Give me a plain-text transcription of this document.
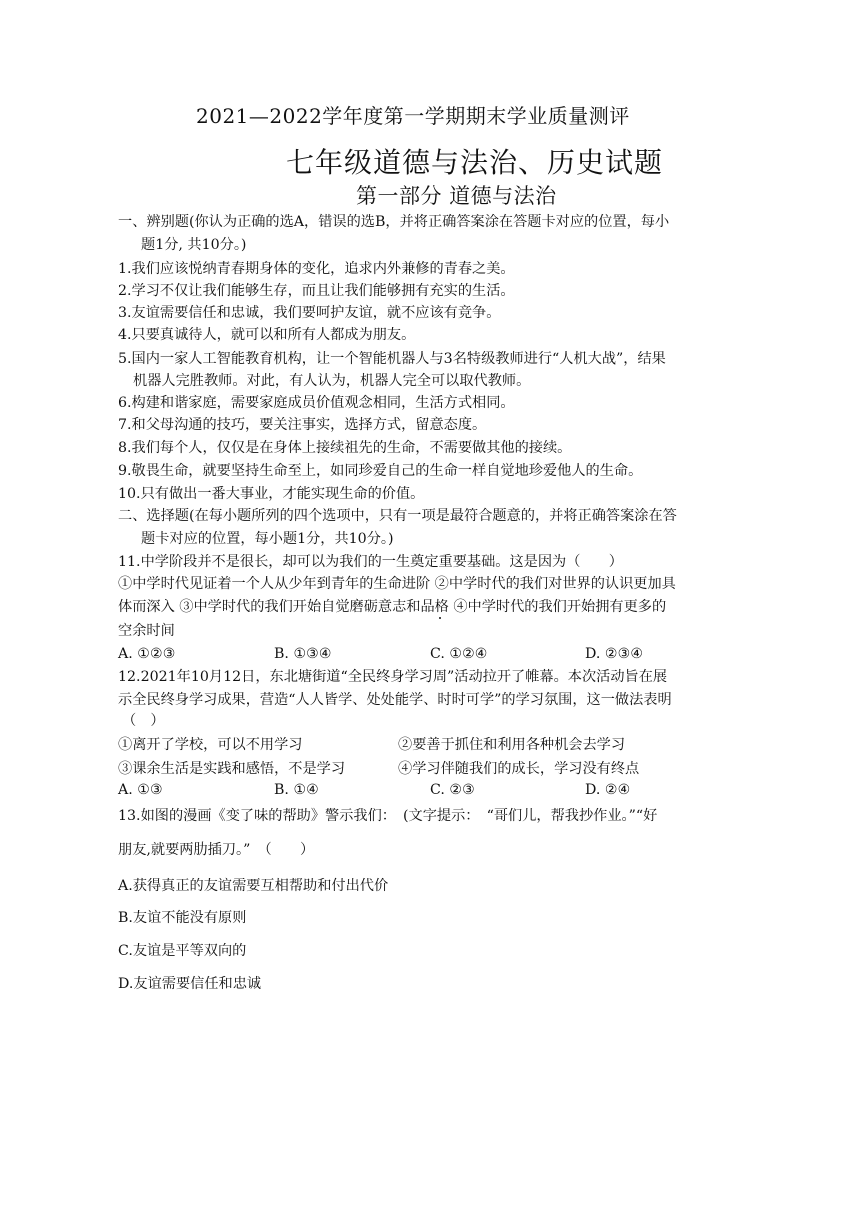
2021—2022学年度第一学期期末学业质量测评
七年级道德与法治、历史试题
第一部分 道德与法治
一、辨别题(你认为正确的选A，错误的选B，并将正确答案涂在答题卡对应的位置，每小
题1分, 共10分。)
1.我们应该悦纳青春期身体的变化，追求内外兼修的青春之美。
2.学习不仅让我们能够生存，而且让我们能够拥有充实的生活。
3.友谊需要信任和忠诚，我们要呵护友谊，就不应该有竞争。
4.只要真诚待人，就可以和所有人都成为朋友。
5.国内一家人工智能教育机构，让一个智能机器人与3名特级教师进行“人机大战”，结果
机器人完胜教师。对此，有人认为，机器人完全可以取代教师。
6.构建和谐家庭，需要家庭成员价值观念相同，生活方式相同。
7.和父母沟通的技巧，要关注事实，选择方式，留意态度。
8.我们每个人，仅仅是在身体上接续祖先的生命，不需要做其他的接续。
9.敬畏生命，就要坚持生命至上，如同珍爱自己的生命一样自觉地珍爱他人的生命。
10.只有做出一番大事业，才能实现生命的价值。
二、选择题(在每小题所列的四个选项中，只有一项是最符合题意的，并将正确答案涂在答
题卡对应的位置，每小题1分，共10分。)
11.中学阶段并不是很长，却可以为我们的一生奠定重要基础。这是因为（　　）
①中学时代见证着一个人从少年到青年的生命进阶 ②中学时代的我们对世界的认识更加具
体而深入 ③中学时代的我们开始自觉磨砺意志和品格 ④中学时代的我们开始拥有更多的
空余时间
A. ①②③	B. ①③④	C. ①②④	D. ②③④
12.2021年10月12日，东北塘街道“全民终身学习周”活动拉开了帷幕。本次活动旨在展
示全民终身学习成果，营造“人人皆学、处处能学、时时可学”的学习氛围，这一做法表明
（　）
①离开了学校，可以不用学习	②要善于抓住和利用各种机会去学习
③课余生活是实践和感悟，不是学习	④学习伴随我们的成长，学习没有终点
A. ①③	B. ①④	C. ②③	D. ②④
13.如图的漫画《变了味的帮助》警示我们：　(文字提示：　“哥们儿，帮我抄作业。”“好
朋友,就要两肋插刀。”　（　　）
A.获得真正的友谊需要互相帮助和付出代价
B.友谊不能没有原则
C.友谊是平等双向的
D.友谊需要信任和忠诚
